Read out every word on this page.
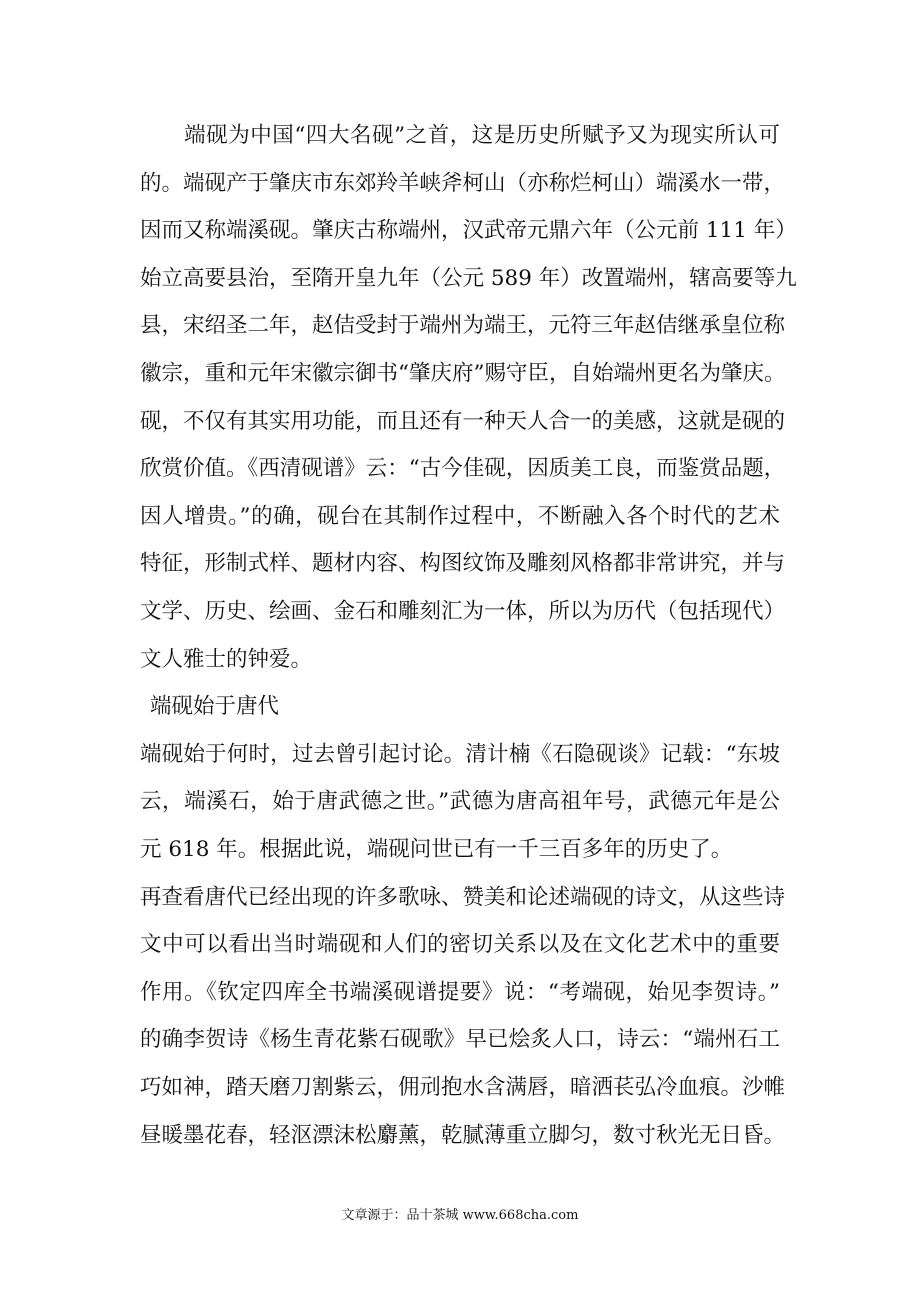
　　端砚为中国“四大名砚”之首，这是历史所赋予又为现实所认可
的。端砚产于肇庆市东郊羚羊峡斧柯山（亦称烂柯山）端溪水一带，
因而又称端溪砚。肇庆古称端州，汉武帝元鼎六年（公元前 111 年）
始立高要县治，至隋开皇九年（公元 589 年）改置端州，辖高要等九
县，宋绍圣二年，赵佶受封于端州为端王，元符三年赵佶继承皇位称
徽宗，重和元年宋徽宗御书“肇庆府”赐守臣，自始端州更名为肇庆。
砚，不仅有其实用功能，而且还有一种天人合一的美感，这就是砚的
欣赏价值。《西清砚谱》云：“古今佳砚，因质美工良，而鉴赏品题，
因人增贵。”的确，砚台在其制作过程中，不断融入各个时代的艺术
特征，形制式样、题材内容、构图纹饰及雕刻风格都非常讲究，并与
文学、历史、绘画、金石和雕刻汇为一体，所以为历代（包括现代）
文人雅士的钟爱。
端砚始于唐代
端砚始于何时，过去曾引起讨论。清计楠《石隐砚谈》记载：“东坡
云，端溪石，始于唐武德之世。”武德为唐高祖年号，武德元年是公
元 618 年。根据此说，端砚问世已有一千三百多年的历史了。
再查看唐代已经出现的许多歌咏、赞美和论述端砚的诗文，从这些诗
文中可以看出当时端砚和人们的密切关系以及在文化艺术中的重要
作用。《钦定四库全书端溪砚谱提要》说：“考端砚，始见李贺诗。”
的确李贺诗《杨生青花紫石砚歌》早已烩炙人口，诗云：“端州石工
巧如神，踏天磨刀割紫云，佣刓抱水含满唇，暗洒苌弘冷血痕。沙帷
昼暖墨花春，轻沤漂沫松麝薰，乾腻薄重立脚匀，数寸秋光无日昏。
文章源于：品十茶城 www.668cha.com
